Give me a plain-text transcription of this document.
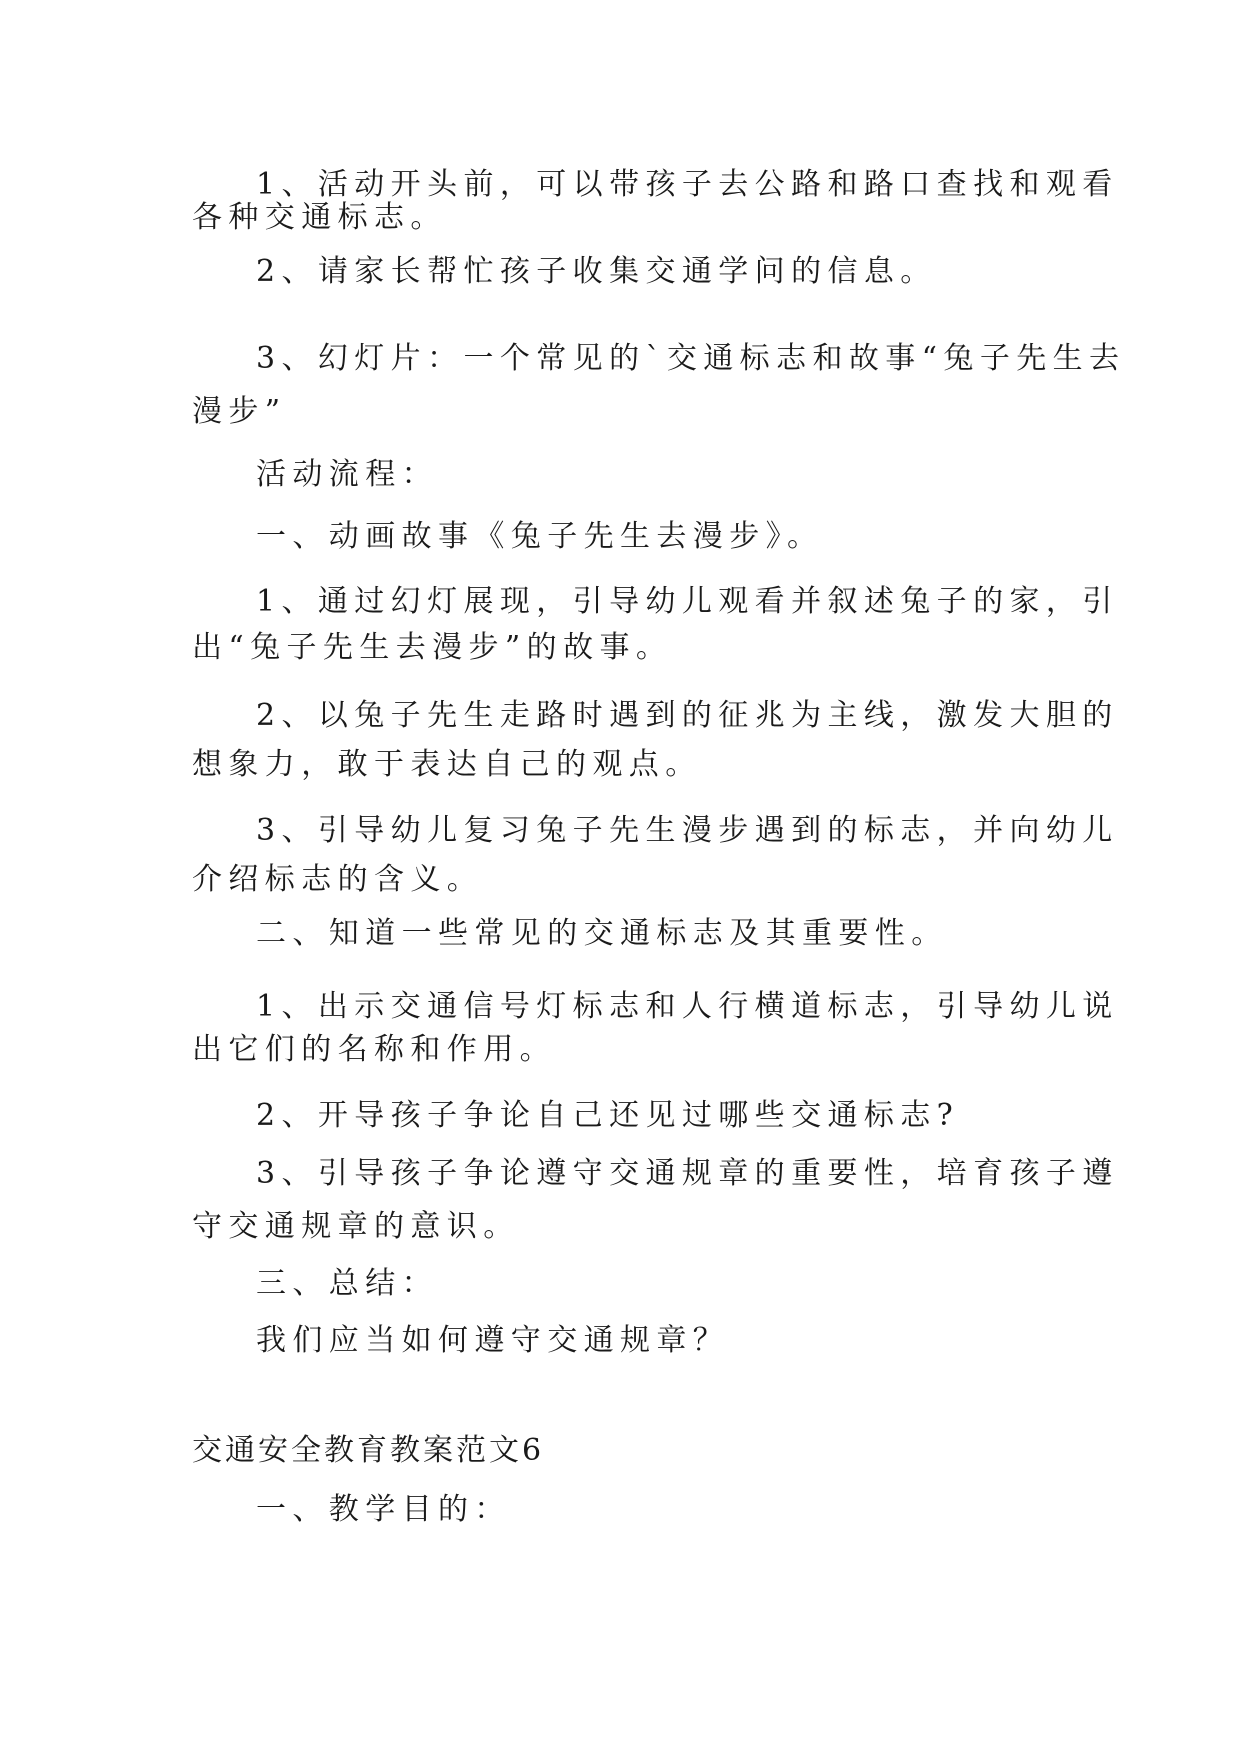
1、活动开头前，可以带孩子去公路和路口查找和观看
各种交通标志。
2、请家长帮忙孩子收集交通学问的信息。
3、幻灯片：一个常见的`交通标志和故事“兔子先生去
漫步”
活动流程：
一、动画故事《兔子先生去漫步》。
1、通过幻灯展现，引导幼儿观看并叙述兔子的家，引
出“兔子先生去漫步”的故事。
2、以兔子先生走路时遇到的征兆为主线，激发大胆的
想象力，敢于表达自己的观点。
3、引导幼儿复习兔子先生漫步遇到的标志，并向幼儿
介绍标志的含义。
二、知道一些常见的交通标志及其重要性。
1、出示交通信号灯标志和人行横道标志，引导幼儿说
出它们的名称和作用。
2、开导孩子争论自己还见过哪些交通标志?
3、引导孩子争论遵守交通规章的重要性，培育孩子遵
守交通规章的意识。
三、总结：
我们应当如何遵守交通规章？
交通安全教育教案范文6
一、教学目的：
